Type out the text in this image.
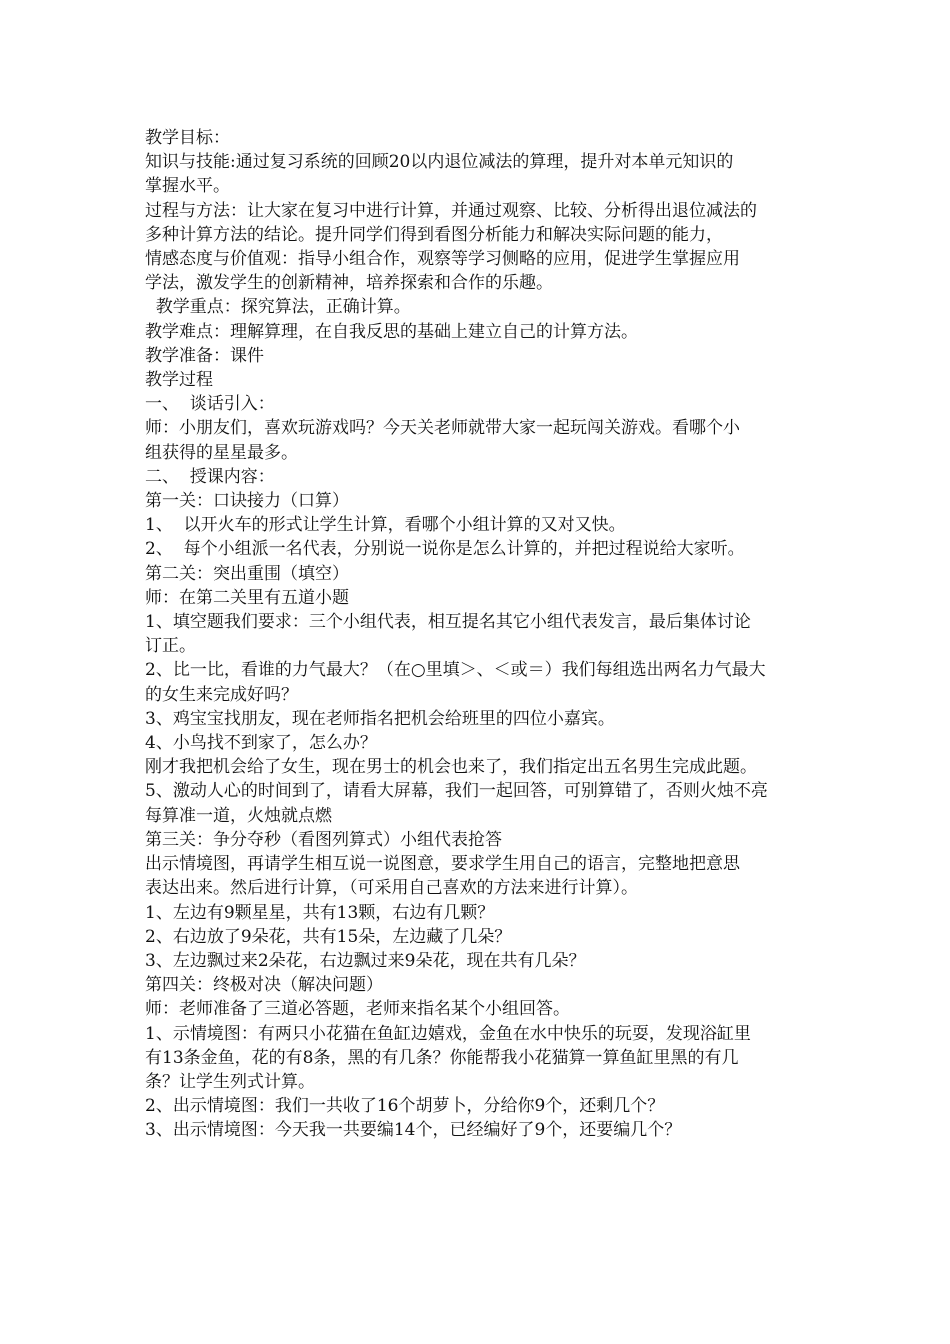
教学目标：
知识与技能:通过复习系统的回顾20以内退位减法的算理，提升对本单元知识的
掌握水平。
过程与方法：让大家在复习中进行计算，并通过观察、比较、分析得出退位减法的
多种计算方法的结论。提升同学们得到看图分析能力和解决实际问题的能力，
情感态度与价值观：指导小组合作，观察等学习侧略的应用，促进学生掌握应用
学法，激发学生的创新精神，培养探索和合作的乐趣。
教学重点：探究算法，正确计算。
教学难点：理解算理，在自我反思的基础上建立自己的计算方法。
教学准备：课件
教学过程
一、  谈话引入：
师：小朋友们，喜欢玩游戏吗？今天关老师就带大家一起玩闯关游戏。看哪个小
组获得的星星最多。
二、  授课内容：
第一关：口诀接力（口算）
1、  以开火车的形式让学生计算，看哪个小组计算的又对又快。
2、  每个小组派一名代表，分别说一说你是怎么计算的，并把过程说给大家听。
第二关：突出重围（填空）
师：在第二关里有五道小题
1、填空题我们要求：三个小组代表，相互提名其它小组代表发言，最后集体讨论
订正。
2、比一比，看谁的力气最大？（在○里填＞、＜或＝）我们每组选出两名力气最大
的女生来完成好吗？
3、鸡宝宝找朋友，现在老师指名把机会给班里的四位小嘉宾。
4、小鸟找不到家了，怎么办？
刚才我把机会给了女生，现在男士的机会也来了，我们指定出五名男生完成此题。
5、激动人心的时间到了，请看大屏幕，我们一起回答，可别算错了，否则火烛不亮
每算准一道，火烛就点燃
第三关：争分夺秒（看图列算式）小组代表抢答
出示情境图，再请学生相互说一说图意，要求学生用自己的语言，完整地把意思
表达出来。然后进行计算，（可采用自己喜欢的方法来进行计算）。
1、左边有9颗星星，共有13颗，右边有几颗？
2、右边放了9朵花，共有15朵，左边藏了几朵？
3、左边飘过来2朵花，右边飘过来9朵花，现在共有几朵？
第四关：终极对决（解决问题）
师：老师准备了三道必答题，老师来指名某个小组回答。
1、示情境图：有两只小花猫在鱼缸边嬉戏，金鱼在水中快乐的玩耍，发现浴缸里
有13条金鱼，花的有8条，黑的有几条？你能帮我小花猫算一算鱼缸里黑的有几
条？让学生列式计算。
2、出示情境图：我们一共收了16个胡萝卜，分给你9个，还剩几个？
3、出示情境图：今天我一共要编14个，已经编好了9个，还要编几个？
